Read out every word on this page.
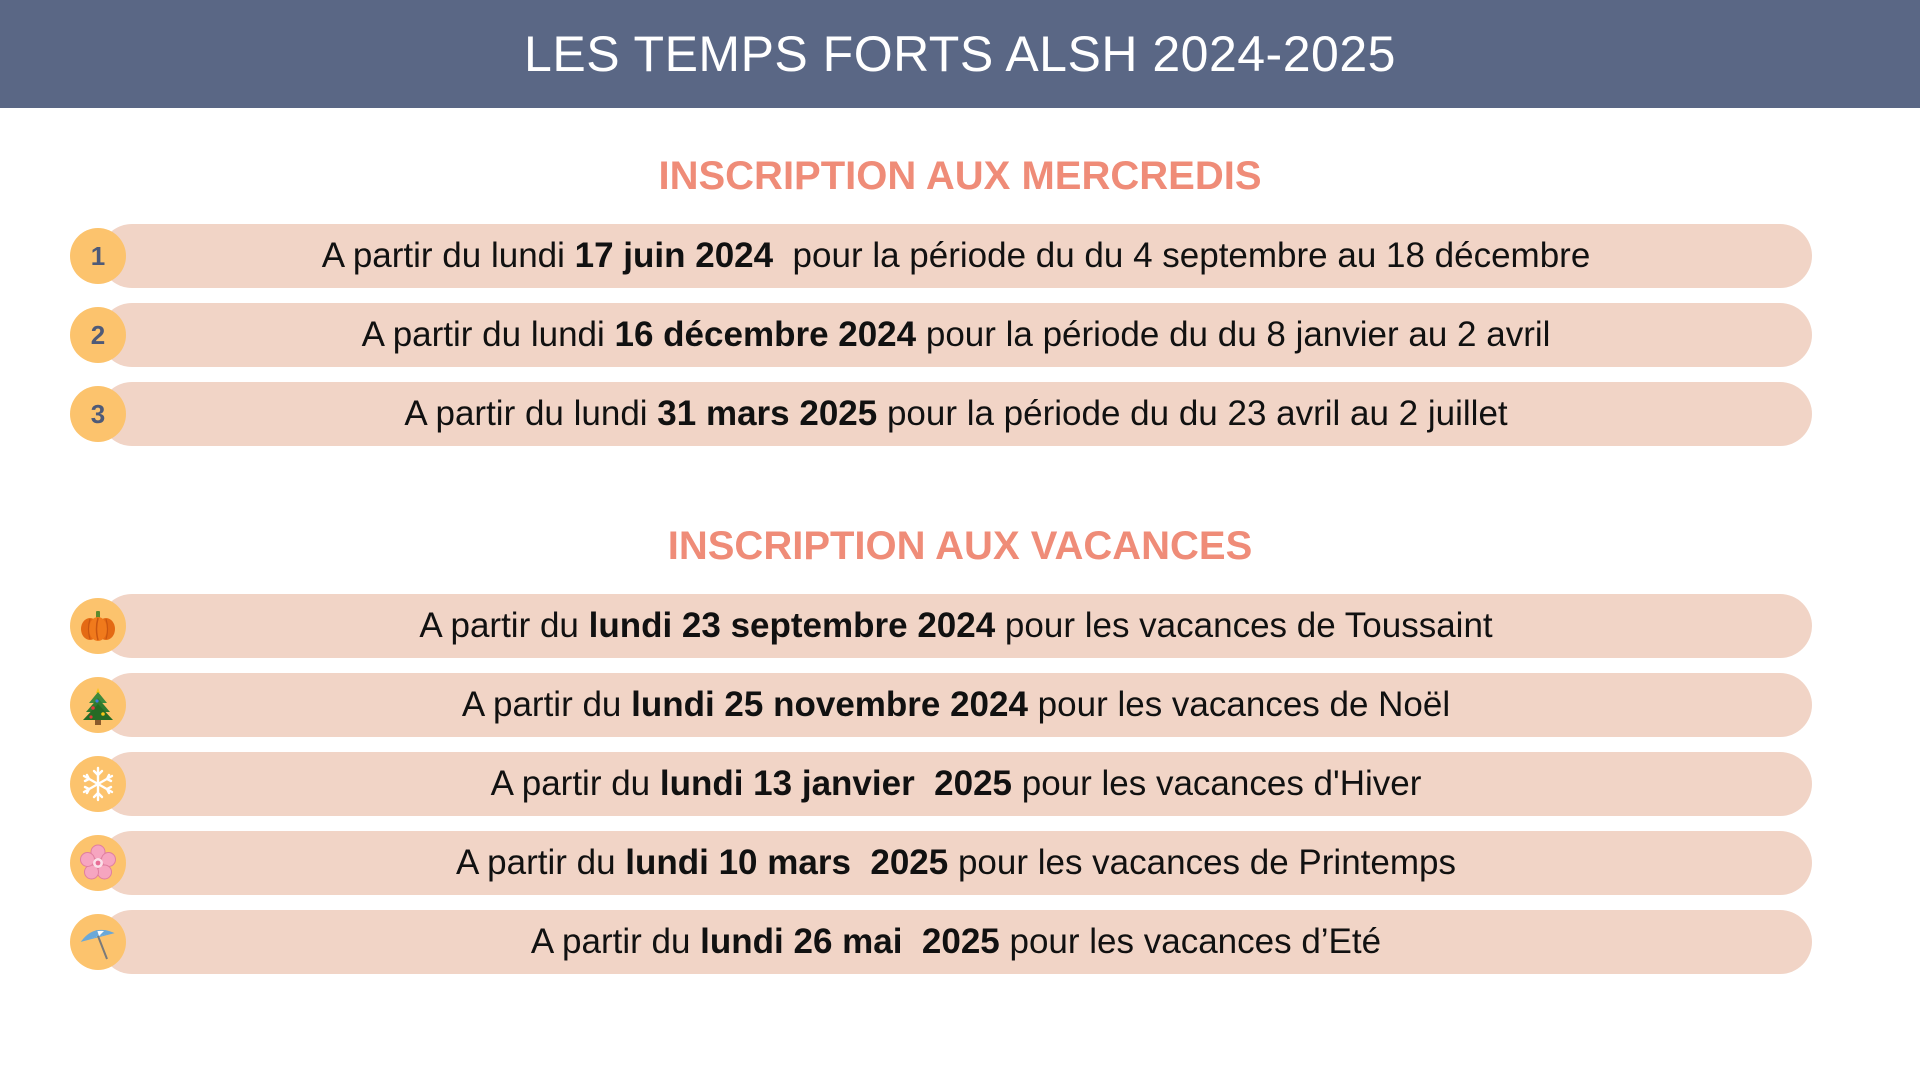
LES TEMPS FORTS ALSH 2024-2025
INSCRIPTION AUX MERCREDIS
1	A partir du lundi 17 juin 2024  pour la période du du 4 septembre au 18 décembre
2	A partir du lundi 16 décembre 2024 pour la période du du 8 janvier au 2 avril
3	A partir du lundi 31 mars 2025 pour la période du du 23 avril au 2 juillet
INSCRIPTION AUX VACANCES
A partir du lundi 23 septembre 2024 pour les vacances de Toussaint
A partir du lundi 25 novembre 2024 pour les vacances de Noël
A partir du lundi 13 janvier  2025 pour les vacances d'Hiver
A partir du lundi 10 mars  2025 pour les vacances de Printemps
A partir du lundi 26 mai  2025 pour les vacances d’Eté
